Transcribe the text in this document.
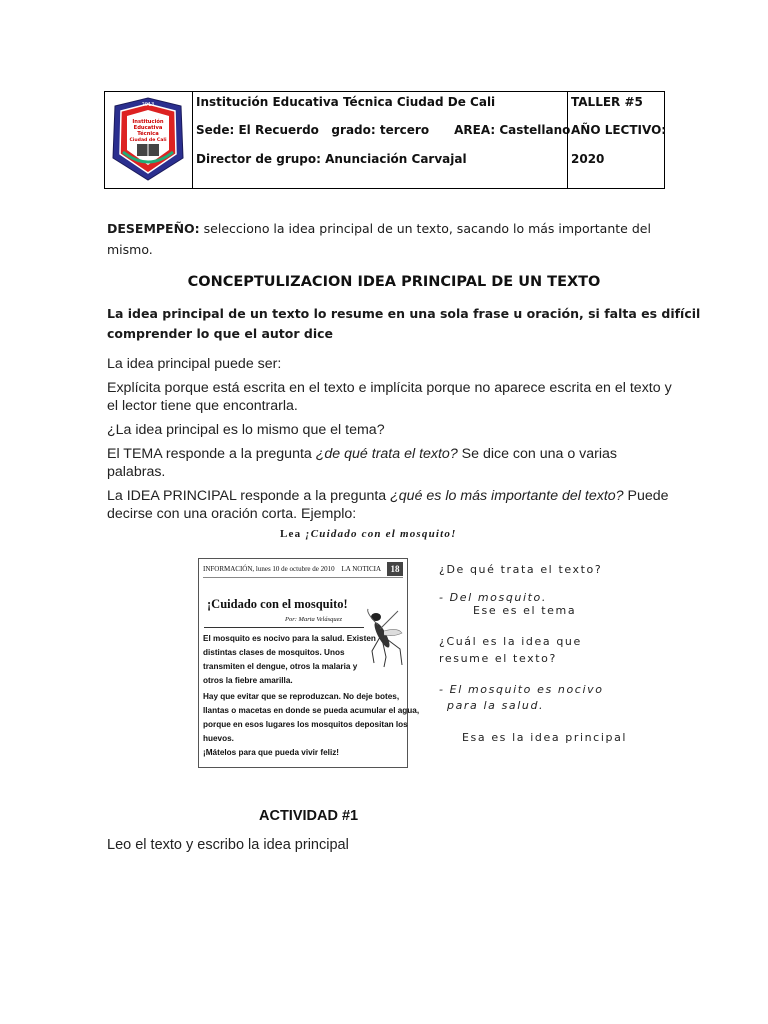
2013
Institución
Educativa
Técnica
Ciudad de Cali
Institución Educativa Técnica Ciudad De Cali
Sede: El Recuerdo   grado: tercero      AREA: Castellano
Director de grupo: Anunciación Carvajal
TALLER #5
AÑO LECTIVO:
2020
DESEMPEÑO: selecciono la idea principal de un texto, sacando lo más importante del
mismo.
CONCEPTULIZACION IDEA PRINCIPAL DE UN TEXTO
La idea principal de un texto lo resume en una sola frase u oración, si falta es difícil
comprender lo que el autor dice
La idea principal puede ser:
Explícita porque está escrita en el texto e implícita porque no aparece escrita en el texto y
el lector tiene que encontrarla.
¿La idea principal es lo mismo que el tema?
El TEMA responde a la pregunta ¿de qué trata el texto? Se dice con una o varias
palabras.
La IDEA PRINCIPAL responde a la pregunta ¿qué es lo más importante del texto? Puede
decirse con una oración corta. Ejemplo:
Lea ¡Cuidado con el mosquito!
INFORMACIÓN, lunes 10 de octubre de 2010 LA NOTICIA	18
¡Cuidado con el mosquito!
Por: Marta Velásquez
El mosquito es nocivo para la salud. Existen
distintas clases de mosquitos. Unos
transmiten el dengue, otros la malaria y
otros la fiebre amarilla.
Hay que evitar que se reproduzcan. No deje botes,
llantas o macetas en donde se pueda acumular el agua,
porque en esos lugares los mosquitos depositan los
huevos.
¡Mátelos para que pueda vivir feliz!
¿De qué trata el texto?
- Del mosquito.
Ese es el tema
¿Cuál es la idea que
resume el texto?
- El mosquito es nocivo
para la salud.
Esa es la idea principal
ACTIVIDAD #1
Leo el texto y escribo la idea principal
